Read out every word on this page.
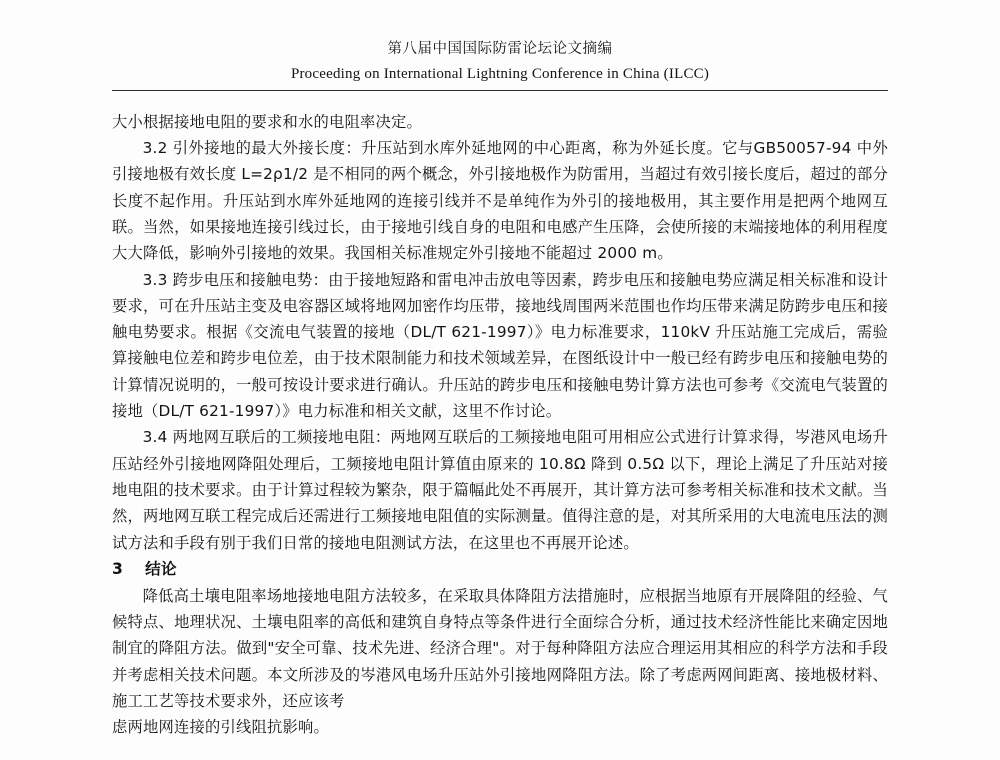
第八届中国国际防雷论坛论文摘编
Proceeding on International Lightning Conference in China (ILCC)

大小根据接地电阻的要求和水的电阻率决定。

3.2 引外接地的最大外接长度：升压站到水库外延地网的中心距离，称为外延长度。它与GB50057-94 中外引接地极有效长度 L=2ρ1/2 是不相同的两个概念，外引接地极作为防雷用，当超过有效引接长度后，超过的部分长度不起作用。升压站到水库外延地网的连接引线并不是单纯作为外引的接地极用，其主要作用是把两个地网互联。当然，如果接地连接引线过长，由于接地引线自身的电阻和电感产生压降，会使所接的末端接地体的利用程度大大降低，影响外引接地的效果。我国相关标准规定外引接地不能超过 2000 m。

3.3 跨步电压和接触电势：由于接地短路和雷电冲击放电等因素，跨步电压和接触电势应满足相关标准和设计要求，可在升压站主变及电容器区域将地网加密作均压带，接地线周围两米范围也作均压带来满足防跨步电压和接触电势要求。根据《交流电气装置的接地（DL/T 621-1997）》电力标准要求，110kV 升压站施工完成后，需验算接触电位差和跨步电位差，由于技术限制能力和技术领域差异，在图纸设计中一般已经有跨步电压和接触电势的计算情况说明的，一般可按设计要求进行确认。升压站的跨步电压和接触电势计算方法也可参考《交流电气装置的接地（DL/T 621-1997）》电力标准和相关文献，这里不作讨论。

3.4 两地网互联后的工频接地电阻：两地网互联后的工频接地电阻可用相应公式进行计算求得，岑港风电场升压站经外引接地网降阻处理后，工频接地电阻计算值由原来的 10.8Ω 降到 0.5Ω 以下，理论上满足了升压站对接地电阻的技术要求。由于计算过程较为繁杂，限于篇幅此处不再展开，其计算方法可参考相关标准和技术文献。当然，两地网互联工程完成后还需进行工频接地电阻值的实际测量。值得注意的是，对其所采用的大电流电压法的测试方法和手段有别于我们日常的接地电阻测试方法，在这里也不再展开论述。

3 结论

降低高土壤电阻率场地接地电阻方法较多，在采取具体降阻方法措施时，应根据当地原有开展降阻的经验、气候特点、地理状况、土壤电阻率的高低和建筑自身特点等条件进行全面综合分析，通过技术经济性能比来确定因地制宜的降阻方法。做到"安全可靠、技术先进、经济合理"。对于每种降阻方法应合理运用其相应的科学方法和手段并考虑相关技术问题。本文所涉及的岑港风电场升压站外引接地网降阻方法。除了考虑两网间距离、接地极材料、施工工艺等技术要求外，还应该考

虑两地网连接的引线阻抗影响。
